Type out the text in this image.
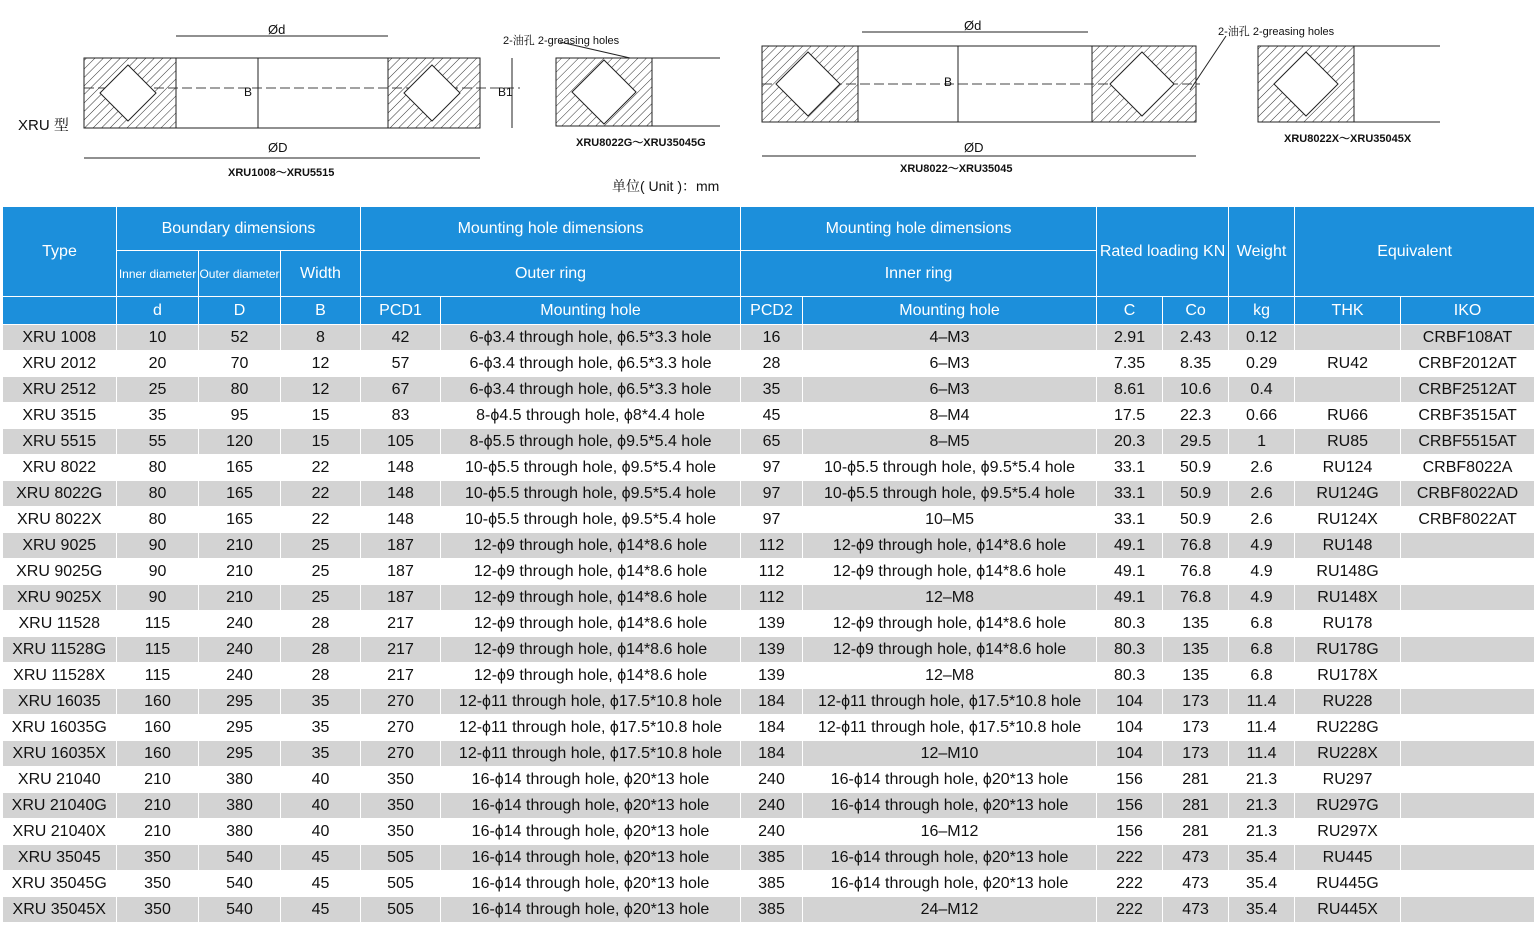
Ød
ØD
B	B1
XRU1008～XRU5515
2-油孔 2-greasing holes
XRU8022G～XRU35045G
Ød
ØD
B
XRU8022～XRU35045
2-油孔 2-greasing holes
XRU8022X～XRU35045X
XRU 型
单位( Unit )：mm
Type	Boundary dimensions			Mounting hole dimensions		Mounting hole dimensions		Rated loading KN		Weight	Equivalent	
	Inner diameter	Outer diameter	Width	Outer ring		Inner ring						
	d	D	B	PCD1	Mounting hole	PCD2	Mounting hole	C	Co	kg	THK	IKO
XRU 1008	10	52	8	42	6-ϕ3.4 through hole, ϕ6.5*3.3 hole	16	4–M3	2.91	2.43	0.12		CRBF108AT
XRU 2012	20	70	12	57	6-ϕ3.4 through hole, ϕ6.5*3.3 hole	28	6–M3	7.35	8.35	0.29	RU42	CRBF2012AT
XRU 2512	25	80	12	67	6-ϕ3.4 through hole, ϕ6.5*3.3 hole	35	6–M3	8.61	10.6	0.4		CRBF2512AT
XRU 3515	35	95	15	83	8-ϕ4.5 through hole, ϕ8*4.4 hole	45	8–M4	17.5	22.3	0.66	RU66	CRBF3515AT
XRU 5515	55	120	15	105	8-ϕ5.5 through hole, ϕ9.5*5.4 hole	65	8–M5	20.3	29.5	1	RU85	CRBF5515AT
XRU 8022	80	165	22	148	10-ϕ5.5 through hole, ϕ9.5*5.4 hole	97	10-ϕ5.5 through hole, ϕ9.5*5.4 hole	33.1	50.9	2.6	RU124	CRBF8022A
XRU 8022G	80	165	22	148	10-ϕ5.5 through hole, ϕ9.5*5.4 hole	97	10-ϕ5.5 through hole, ϕ9.5*5.4 hole	33.1	50.9	2.6	RU124G	CRBF8022AD
XRU 8022X	80	165	22	148	10-ϕ5.5 through hole, ϕ9.5*5.4 hole	97	10–M5	33.1	50.9	2.6	RU124X	CRBF8022AT
XRU 9025	90	210	25	187	12-ϕ9 through hole, ϕ14*8.6 hole	112	12-ϕ9 through hole, ϕ14*8.6 hole	49.1	76.8	4.9	RU148	
XRU 9025G	90	210	25	187	12-ϕ9 through hole, ϕ14*8.6 hole	112	12-ϕ9 through hole, ϕ14*8.6 hole	49.1	76.8	4.9	RU148G	
XRU 9025X	90	210	25	187	12-ϕ9 through hole, ϕ14*8.6 hole	112	12–M8	49.1	76.8	4.9	RU148X	
XRU 11528	115	240	28	217	12-ϕ9 through hole, ϕ14*8.6 hole	139	12-ϕ9 through hole, ϕ14*8.6 hole	80.3	135	6.8	RU178	
XRU 11528G	115	240	28	217	12-ϕ9 through hole, ϕ14*8.6 hole	139	12-ϕ9 through hole, ϕ14*8.6 hole	80.3	135	6.8	RU178G	
XRU 11528X	115	240	28	217	12-ϕ9 through hole, ϕ14*8.6 hole	139	12–M8	80.3	135	6.8	RU178X	
XRU 16035	160	295	35	270	12-ϕ11 through hole, ϕ17.5*10.8 hole	184	12-ϕ11 through hole, ϕ17.5*10.8 hole	104	173	11.4	RU228	
XRU 16035G	160	295	35	270	12-ϕ11 through hole, ϕ17.5*10.8 hole	184	12-ϕ11 through hole, ϕ17.5*10.8 hole	104	173	11.4	RU228G	
XRU 16035X	160	295	35	270	12-ϕ11 through hole, ϕ17.5*10.8 hole	184	12–M10	104	173	11.4	RU228X	
XRU 21040	210	380	40	350	16-ϕ14 through hole, ϕ20*13 hole	240	16-ϕ14 through hole, ϕ20*13 hole	156	281	21.3	RU297	
XRU 21040G	210	380	40	350	16-ϕ14 through hole, ϕ20*13 hole	240	16-ϕ14 through hole, ϕ20*13 hole	156	281	21.3	RU297G	
XRU 21040X	210	380	40	350	16-ϕ14 through hole, ϕ20*13 hole	240	16–M12	156	281	21.3	RU297X	
XRU 35045	350	540	45	505	16-ϕ14 through hole, ϕ20*13 hole	385	16-ϕ14 through hole, ϕ20*13 hole	222	473	35.4	RU445	
XRU 35045G	350	540	45	505	16-ϕ14 through hole, ϕ20*13 hole	385	16-ϕ14 through hole, ϕ20*13 hole	222	473	35.4	RU445G	
XRU 35045X	350	540	45	505	16-ϕ14 through hole, ϕ20*13 hole	385	24–M12	222	473	35.4	RU445X	
